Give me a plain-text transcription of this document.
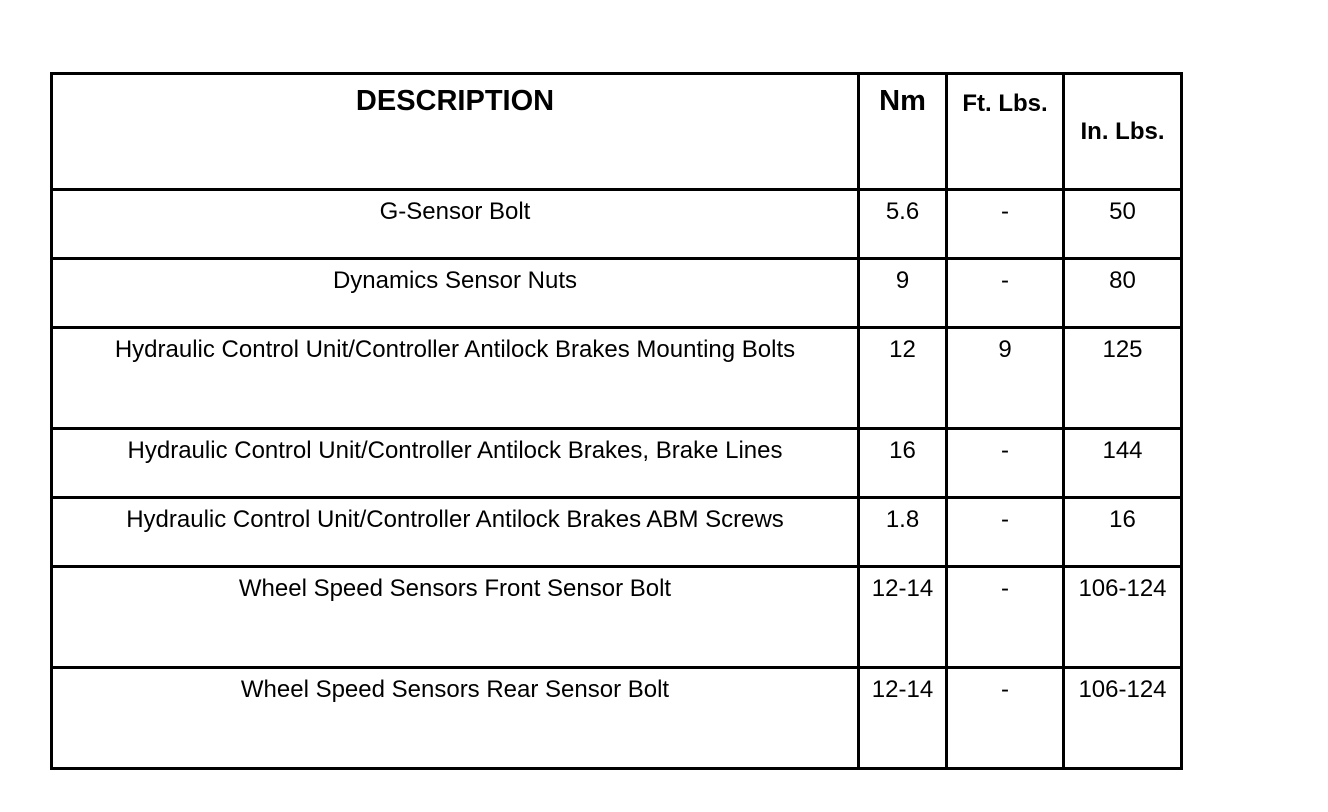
DESCRIPTION	Nm	Ft. Lbs.	In. Lbs.
G-Sensor Bolt	5.6	-	50
Dynamics Sensor Nuts	9	-	80
Hydraulic Control Unit/Controller Antilock Brakes Mounting Bolts	12	9	125
Hydraulic Control Unit/Controller Antilock Brakes, Brake Lines	16	-	144
Hydraulic Control Unit/Controller Antilock Brakes ABM Screws	1.8	-	16
Wheel Speed Sensors Front Sensor Bolt	12-14	-	106-124
Wheel Speed Sensors Rear Sensor Bolt	12-14	-	106-124
